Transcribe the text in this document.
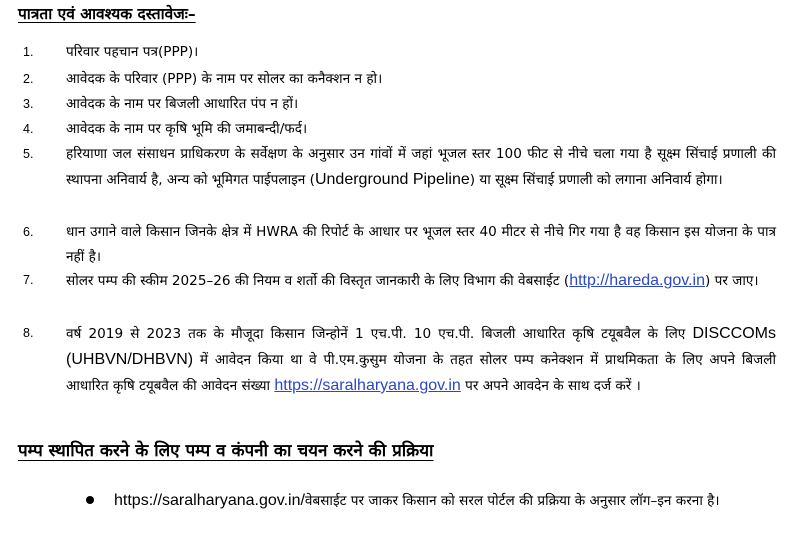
पात्रता एवं आवश्यक दस्तावेजः–
1. परिवार पहचान पत्र(PPP)।
2. आवेदक के परिवार (PPP) के नाम पर सोलर का कनैक्शन न हो।
3. आवेदक के नाम पर बिजली आधारित पंप न हों।
4. आवेदक के नाम पर कृषि भूमि की जमाबन्दी/फर्द।
5. हरियाणा जल संसाधन प्राधिकरण के सर्वेक्षण के अनुसार उन गांवों में जहां भूजल स्तर 100 फीट से नीचे चला गया है सूक्ष्म सिंचाई प्रणाली की स्थापना अनिवार्य है, अन्य को भूमिगत पाईपलाइन (Underground Pipeline) या सूक्ष्म सिंचाई प्रणाली को लगाना अनिवार्य होगा।
6. धान उगाने वाले किसान जिनके क्षेत्र में HWRA की रिपोर्ट के आधार पर भूजल स्तर 40 मीटर से नीचे गिर गया है वह किसान इस योजना के पात्र नहीं है।
7. सोलर पम्प की स्कीम 2025–26 की नियम व शर्तो की विस्तृत जानकारी के लिए विभाग की वेबसाईट (http://hareda.gov.in) पर जाए।
8. वर्ष 2019 से 2023 तक के मौजूदा किसान जिन्होनें 1 एच.पी. 10 एच.पी. बिजली आधारित कृषि टयूबवैल के लिए DISCCOMs (UHBVN/DHBVN) में आवेदन किया था वे पी.एम.कुसुम योजना के तहत सोलर पम्प कनेक्शन में प्राथमिकता के लिए अपने बिजली आधारित कृषि टयूबवैल की आवेदन संख्या https://saralharyana.gov.in पर अपने आवदेन के साथ दर्ज करें ।
पम्प स्थापित करने के लिए पम्प व कंपनी का चयन करने की प्रक्रिया
https://saralharyana.gov.in/वेबसाईट पर जाकर किसान को सरल पोर्टल की प्रक्रिया के अनुसार लॉग–इन करना है।
